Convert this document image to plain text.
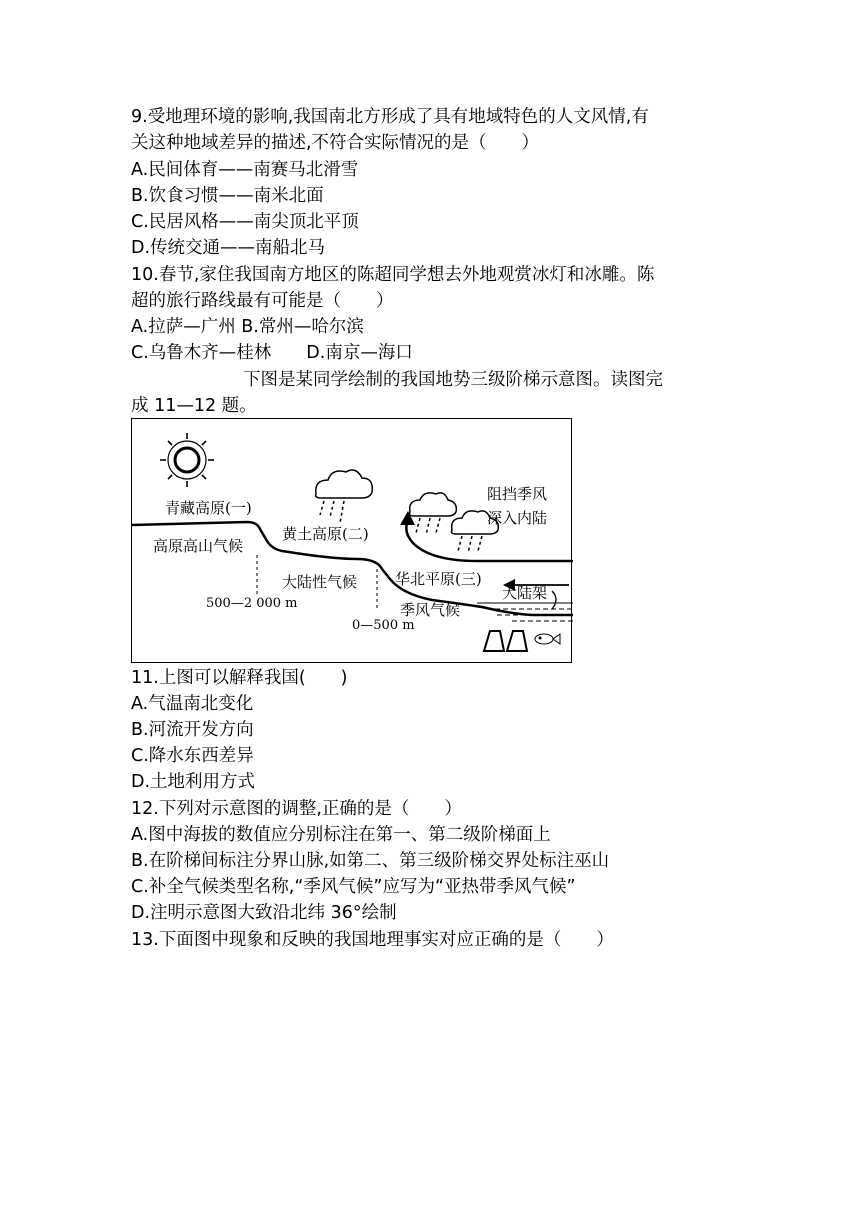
9.受地理环境的影响,我国南北方形成了具有地域特色的人文风情,有
关这种地域差异的描述,不符合实际情况的是（　　）
A.民间体育——南赛马北滑雪
B.饮食习惯——南米北面
C.民居风格——南尖顶北平顶
D.传统交通——南船北马
10.春节,家住我国南方地区的陈超同学想去外地观赏冰灯和冰雕。陈
超的旅行路线最有可能是（　　）
A.拉萨—广州 B.常州—哈尔滨
C.乌鲁木齐—桂林　　D.南京—海口
下图是某同学绘制的我国地势三级阶梯示意图。读图完
成 11—12 题。
青藏高原(一)
高原高山气候
黄土高原(二)
大陆性气候	华北平原(三)
季风气候
大陆架
阻挡季风
深入内陆
500—2 000 m
0—500 m
11.上图可以解释我国(　　)
A.气温南北变化
B.河流开发方向
C.降水东西差异
D.土地利用方式
12.下列对示意图的调整,正确的是（　　）
A.图中海拔的数值应分别标注在第一、第二级阶梯面上
B.在阶梯间标注分界山脉,如第二、第三级阶梯交界处标注巫山
C.补全气候类型名称,“季风气候”应写为“亚热带季风气候”
D.注明示意图大致沿北纬 36°绘制
13.下面图中现象和反映的我国地理事实对应正确的是（　　）
